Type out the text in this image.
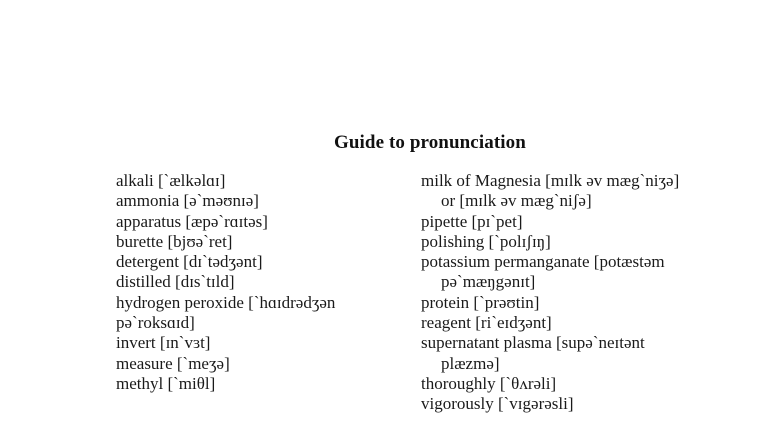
Guide to pronunciation
alkali [`ælkəlɑɪ]
ammonia [ə`məʊnɪə]
apparatus [æpə`rɑɪtəs]
burette [bjʊə`ret]
detergent [dɪ`tədʒənt]
distilled [dɪs`tɪld]
hydrogen peroxide [`hɑɪdrədʒən
pə`roksɑɪd]
invert [ɪn`vɜt]
measure [`meʒə]
methyl [`miθl]
milk of Magnesia [mɪlk əv mæg`niʒə]
or [mɪlk əv mæg`niʃə]
pipette [pɪ`pet]
polishing [`polɪʃɪŋ]
potassium permanganate [potæstəm
pə`mæŋgənɪt]
protein [`prəʊtin]
reagent [ri`eɪdʒənt]
supernatant plasma [supə`neɪtənt
plæzmə]
thoroughly [`θʌrəli]
vigorously [`vɪgərəsli]
